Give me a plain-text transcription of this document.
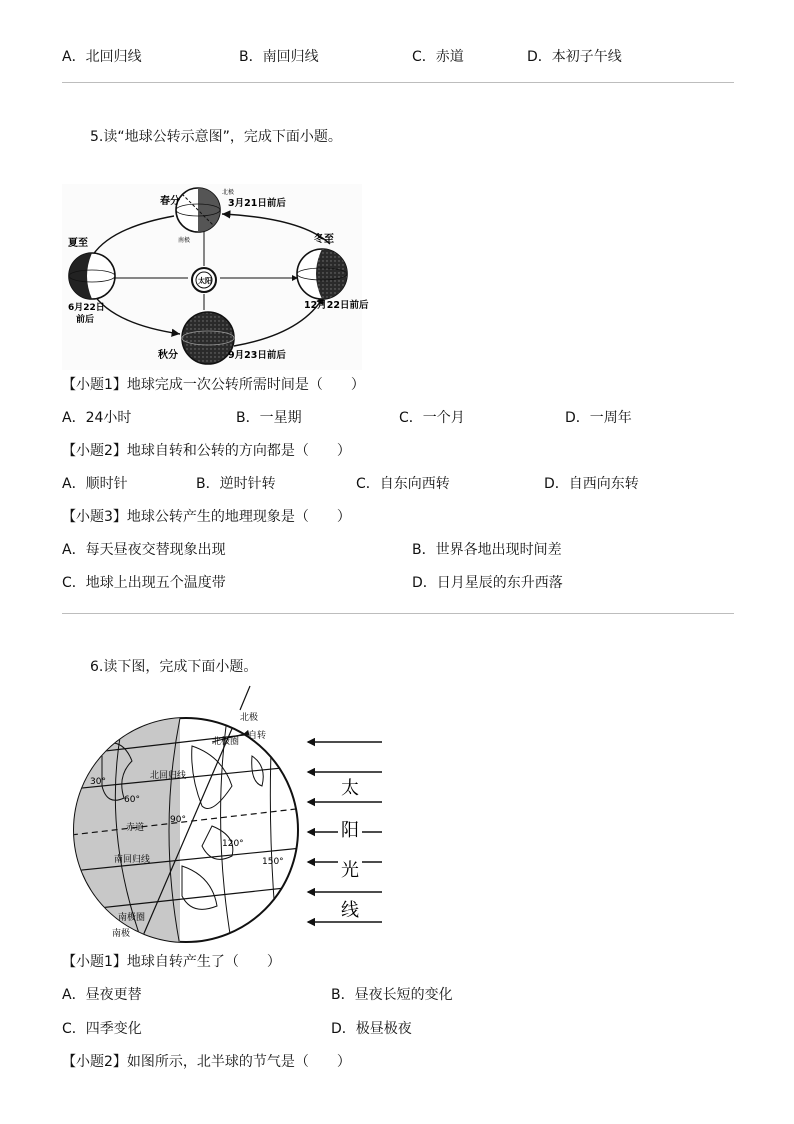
A．北回归线	B．南回归线	C．赤道	D．本初子午线
5.读“地球公转示意图”，完成下面小题。
太阳
春分	3月21日前后
北极
南极
夏至
6月22日
前后
冬至
12月22日前后
秋分	9月23日前后
【小题1】地球完成一次公转所需时间是（　　）
A．24小时	B．一星期	C．一个月	D．一周年
【小题2】地球自转和公转的方向都是（　　）
A．顺时针	B．逆时针转	C．自东向西转	D．自西向东转
【小题3】地球公转产生的地理现象是（　　）
A．每天昼夜交替现象出现	B．世界各地出现时间差
C．地球上出现五个温度带	D．日月星辰的东升西落
6.读下图，完成下面小题。
北极
自转
北极圈
北回归线
赤道
南回归线
南极圈
南极
30°
60°
90°
120°
150°
太
阳
光
线
【小题1】地球自转产生了（　　）
A．昼夜更替	B．昼夜长短的变化
C．四季变化	D．极昼极夜
【小题2】如图所示，北半球的节气是（　　）
